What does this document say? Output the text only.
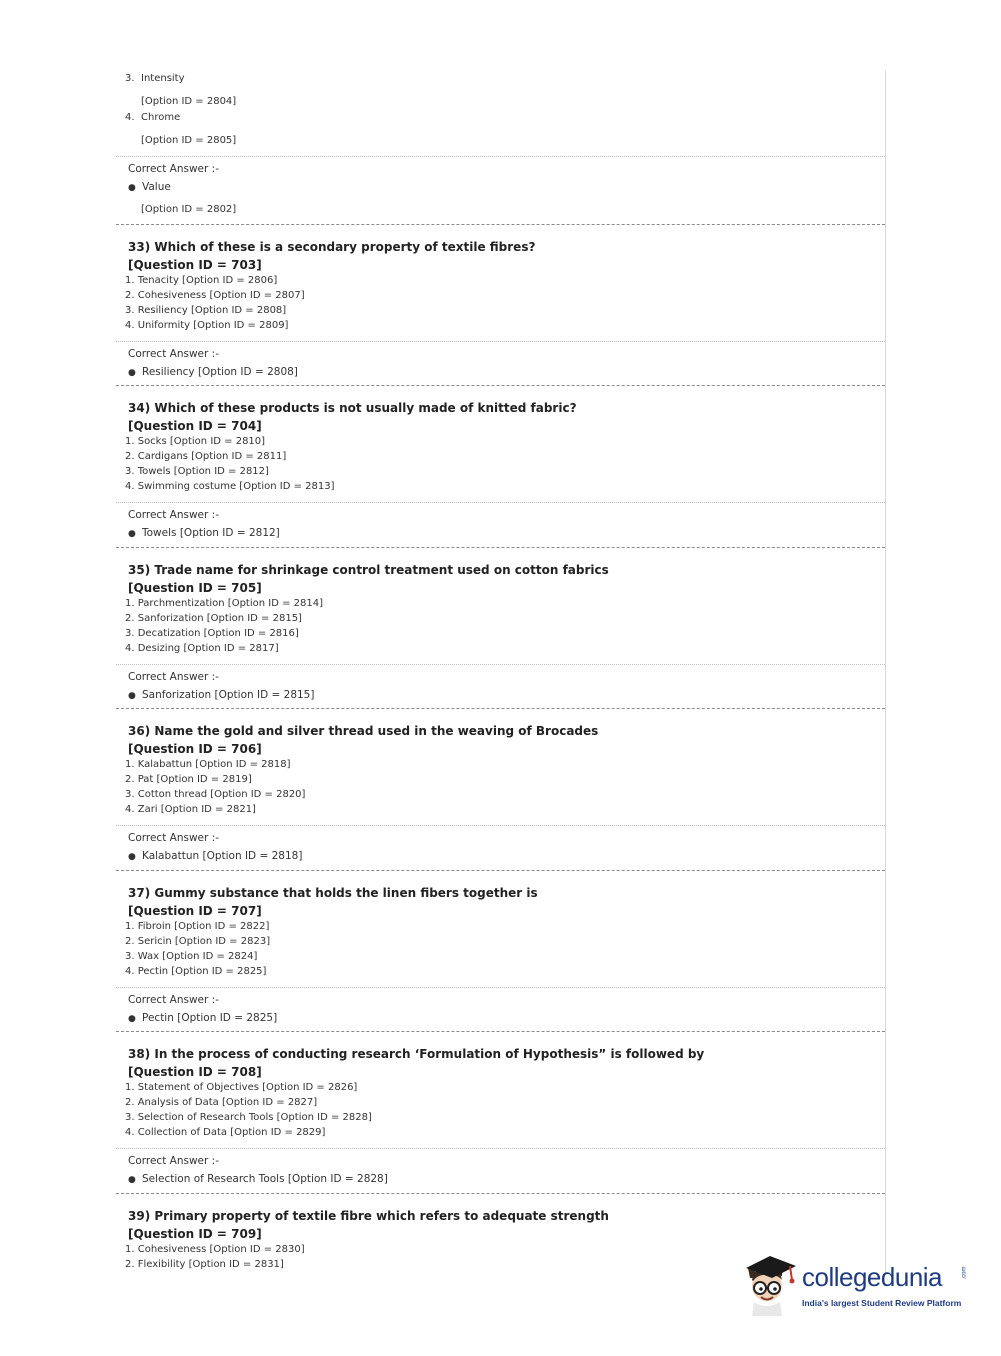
3. Intensity
[Option ID = 2804]
4. Chrome
[Option ID = 2805]
Correct Answer :-
● Value
[Option ID = 2802]
33) Which of these is a secondary property of textile fibres?
[Question ID = 703]
1. Tenacity [Option ID = 2806]
2. Cohesiveness [Option ID = 2807]
3. Resiliency [Option ID = 2808]
4. Uniformity [Option ID = 2809]
Correct Answer :-
● Resiliency [Option ID = 2808]
34) Which of these products is not usually made of knitted fabric?
[Question ID = 704]
1. Socks [Option ID = 2810]
2. Cardigans [Option ID = 2811]
3. Towels [Option ID = 2812]
4. Swimming costume [Option ID = 2813]
Correct Answer :-
● Towels [Option ID = 2812]
35) Trade name for shrinkage control treatment used on cotton fabrics
[Question ID = 705]
1. Parchmentization [Option ID = 2814]
2. Sanforization [Option ID = 2815]
3. Decatization [Option ID = 2816]
4. Desizing [Option ID = 2817]
Correct Answer :-
● Sanforization [Option ID = 2815]
36) Name the gold and silver thread used in the weaving of Brocades
[Question ID = 706]
1. Kalabattun [Option ID = 2818]
2. Pat [Option ID = 2819]
3. Cotton thread [Option ID = 2820]
4. Zari [Option ID = 2821]
Correct Answer :-
● Kalabattun [Option ID = 2818]
37) Gummy substance that holds the linen fibers together is
[Question ID = 707]
1. Fibroin [Option ID = 2822]
2. Sericin [Option ID = 2823]
3. Wax [Option ID = 2824]
4. Pectin [Option ID = 2825]
Correct Answer :-
● Pectin [Option ID = 2825]
38) In the process of conducting research ‘Formulation of Hypothesis” is followed by
[Question ID = 708]
1. Statement of Objectives [Option ID = 2826]
2. Analysis of Data [Option ID = 2827]
3. Selection of Research Tools [Option ID = 2828]
4. Collection of Data [Option ID = 2829]
Correct Answer :-
● Selection of Research Tools [Option ID = 2828]
39) Primary property of textile fibre which refers to adequate strength
[Question ID = 709]
1. Cohesiveness [Option ID = 2830]
2. Flexibility [Option ID = 2831]	collegedunia	.com
India's largest Student Review Platform
